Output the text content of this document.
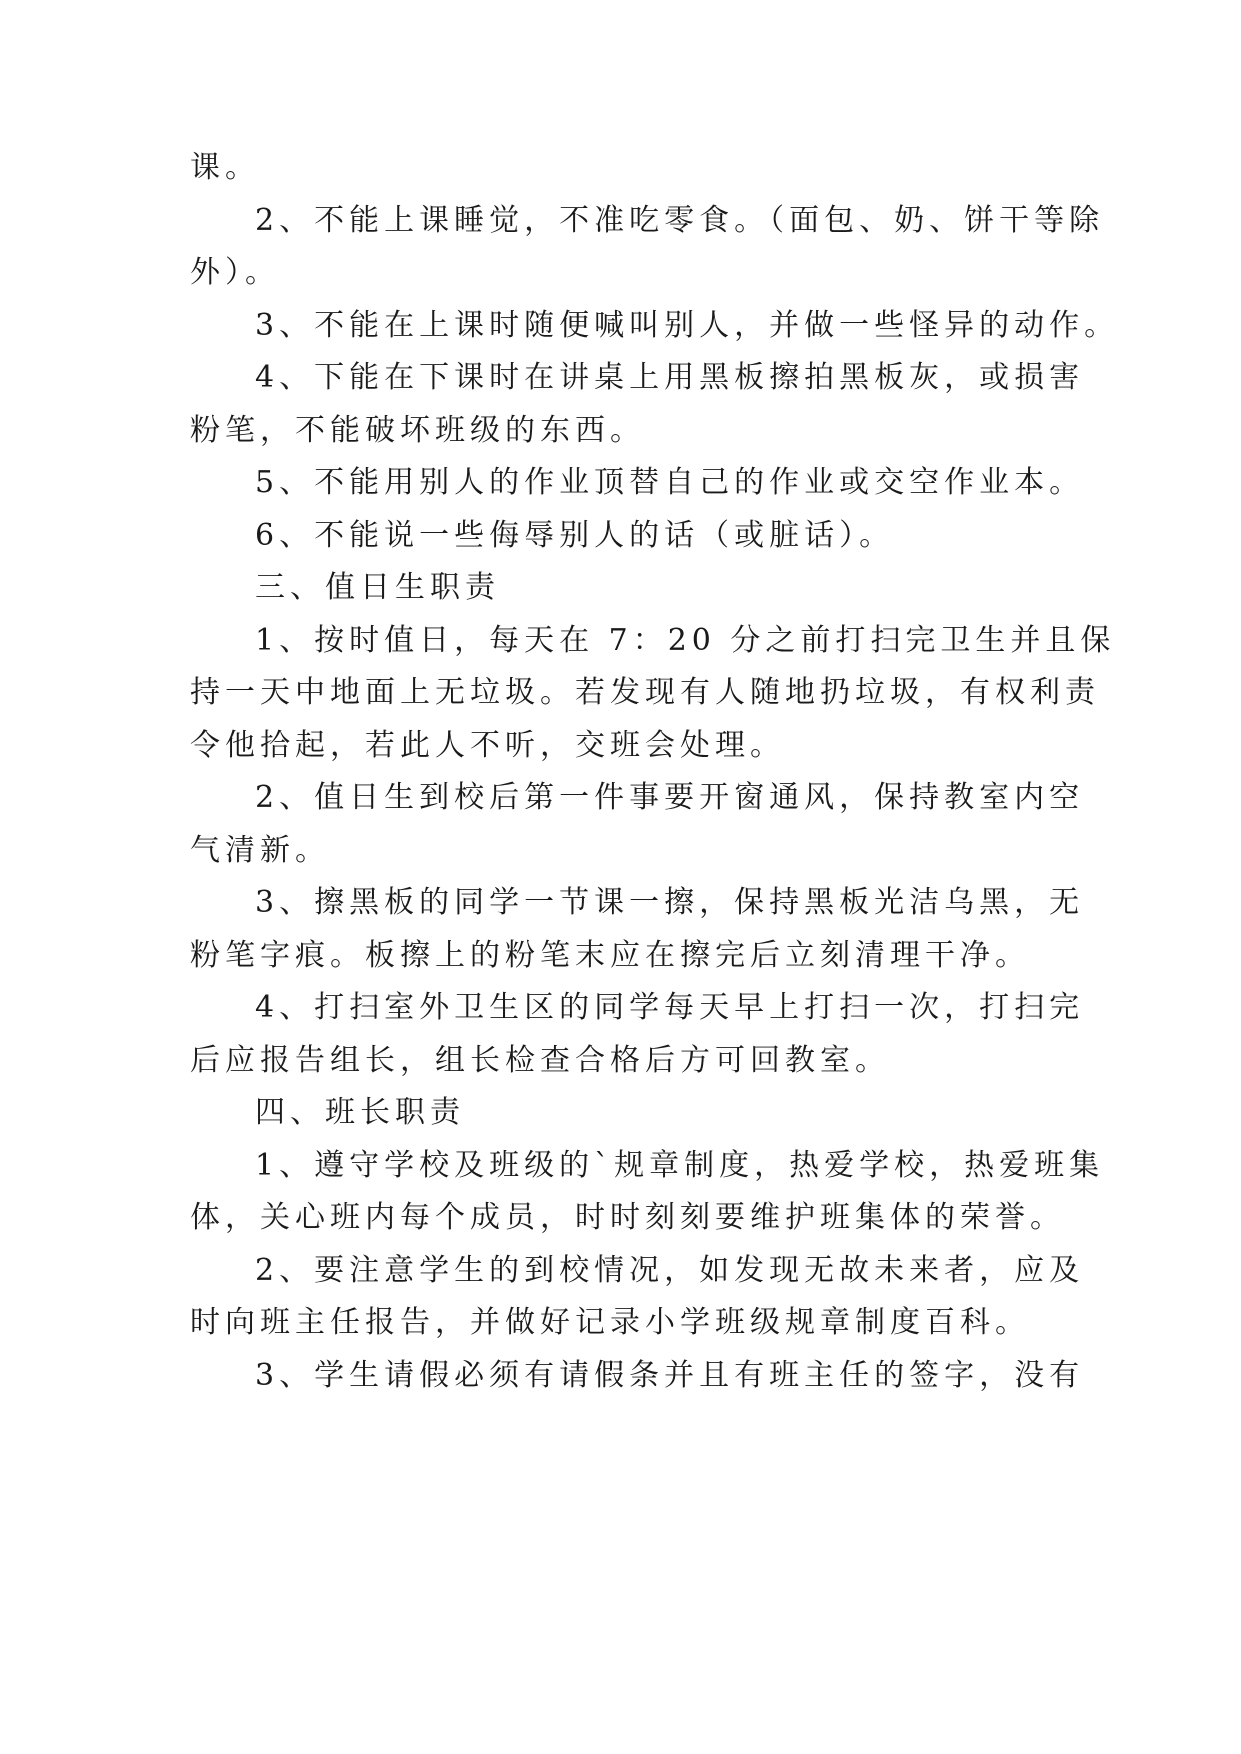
课。
2、不能上课睡觉，不准吃零食。（面包、奶、饼干等除
外）。
3、不能在上课时随便喊叫别人，并做一些怪异的动作。
4、下能在下课时在讲桌上用黑板擦拍黑板灰，或损害
粉笔，不能破坏班级的东西。
5、不能用别人的作业顶替自己的作业或交空作业本。
6、不能说一些侮辱别人的话（或脏话）。
三、值日生职责
1、按时值日，每天在 7：20 分之前打扫完卫生并且保
持一天中地面上无垃圾。若发现有人随地扔垃圾，有权利责
令他拾起，若此人不听，交班会处理。
2、值日生到校后第一件事要开窗通风，保持教室内空
气清新。
3、擦黑板的同学一节课一擦，保持黑板光洁乌黑，无
粉笔字痕。板擦上的粉笔末应在擦完后立刻清理干净。
4、打扫室外卫生区的同学每天早上打扫一次，打扫完
后应报告组长，组长检查合格后方可回教室。
四、班长职责
1、遵守学校及班级的`规章制度，热爱学校，热爱班集
体，关心班内每个成员，时时刻刻要维护班集体的荣誉。
2、要注意学生的到校情况，如发现无故未来者，应及
时向班主任报告，并做好记录小学班级规章制度百科。
3、学生请假必须有请假条并且有班主任的签字，没有
